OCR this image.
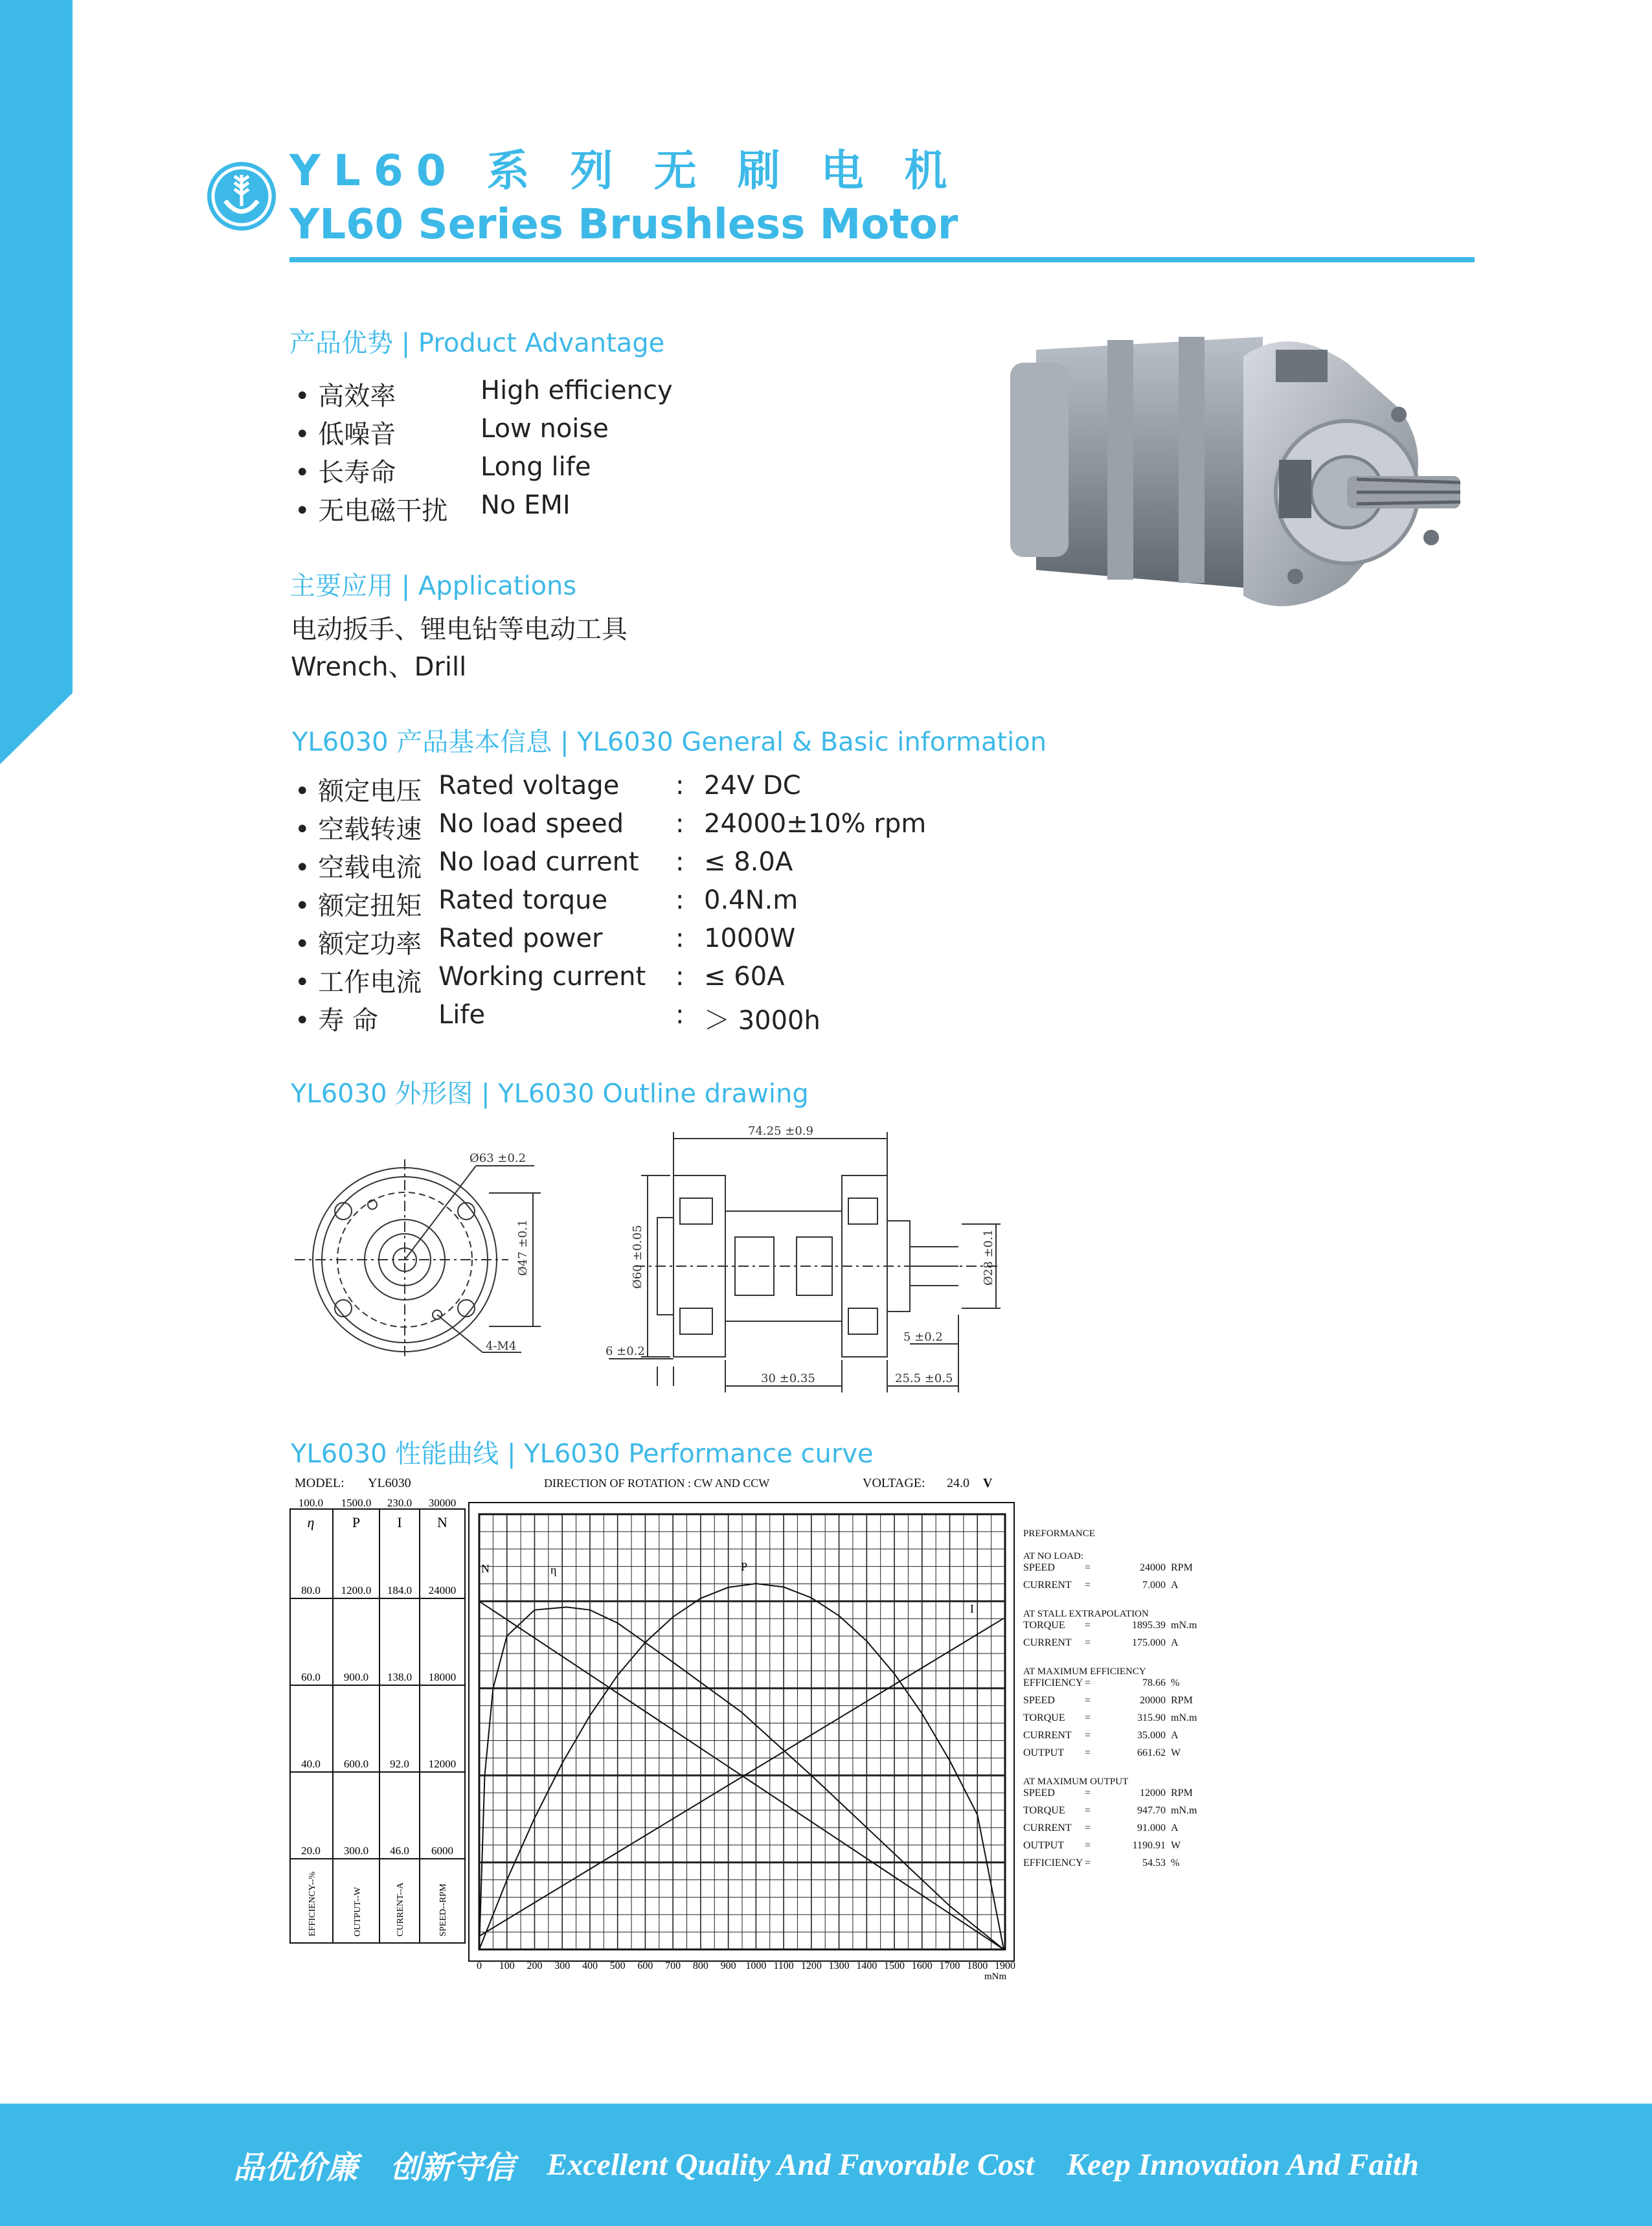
YL60 系 列 无 刷 电 机
YL60 Series Brushless Motor
产品优势 | Product Advantage
• 高效率	High efficiency
• 低噪音	Low noise
• 长寿命	Long life
• 无电磁干扰 No EMI
主要应用 | Applications
电动扳手、锂电钻等电动工具
Wrench、Drill
YL6030 产品基本信息 | YL6030 General & Basic information
• 额定电压 Rated voltage : 24V DC
• 空载转速 No load speed : 24000±10% rpm
• 空载电流 No load current : ≤ 8.0A
• 额定扭矩 Rated torque	: 0.4N.m
• 额定功率 Rated power	: 1000W
• 工作电流 Working current : ≤ 60A
• 寿 命 Life	: ＞ 3000h
YL6030 外形图 | YL6030 Outline drawing
Ø63 ±0.2
Ø47 ±0.1
4-M4
74.25 ±0.9
Ø60 ±0.05	Ø28 ±0.1
6 ±0.2
5 ±0.2
30 ±0.35	25.5 ±0.5
YL6030 性能曲线 | YL6030 Performance curve
MODEL: YL6030	DIRECTION OF ROTATION : CW AND CCW	VOLTAGE: 24.0 V
η	P	I N
100.0 1500.0 230.0 30000
80.0 1200.0 184.0 24000
60.0 900.0 138.0 18000
40.0 600.0 92.0 12000
20.0 300.0 46.0 6000
EFFICIENCY--%	OUTPUT--W	CURRENT--A	SPEED--RPM
0 100 200 300 400 500 600 700 800 900 1000 1100 1200 1300 1400 1500 1600 1700 1800 1900
N	η	P
I
mNm
PREFORMANCE
AT NO LOAD:
SPEED	=	24000 RPM
CURRENT =	7.000 A
AT STALL EXTRAPOLATION
TORQUE =	1895.39 mN.m
CURRENT =	175.000 A
AT MAXIMUM EFFICIENCY
EFFICIENCY =	78.66 %
SPEED	=	20000 RPM
TORQUE =	315.90 mN.m
CURRENT =	35.000 A
OUTPUT =	661.62 W
AT MAXIMUM OUTPUT
SPEED	=	12000 RPM
TORQUE =	947.70 mN.m
CURRENT =	91.000 A
OUTPUT =	1190.91 W
EFFICIENCY =	54.53 %
品优价廉 创新守信 Excellent Quality And Favorable Cost Keep Innovation And Faith
